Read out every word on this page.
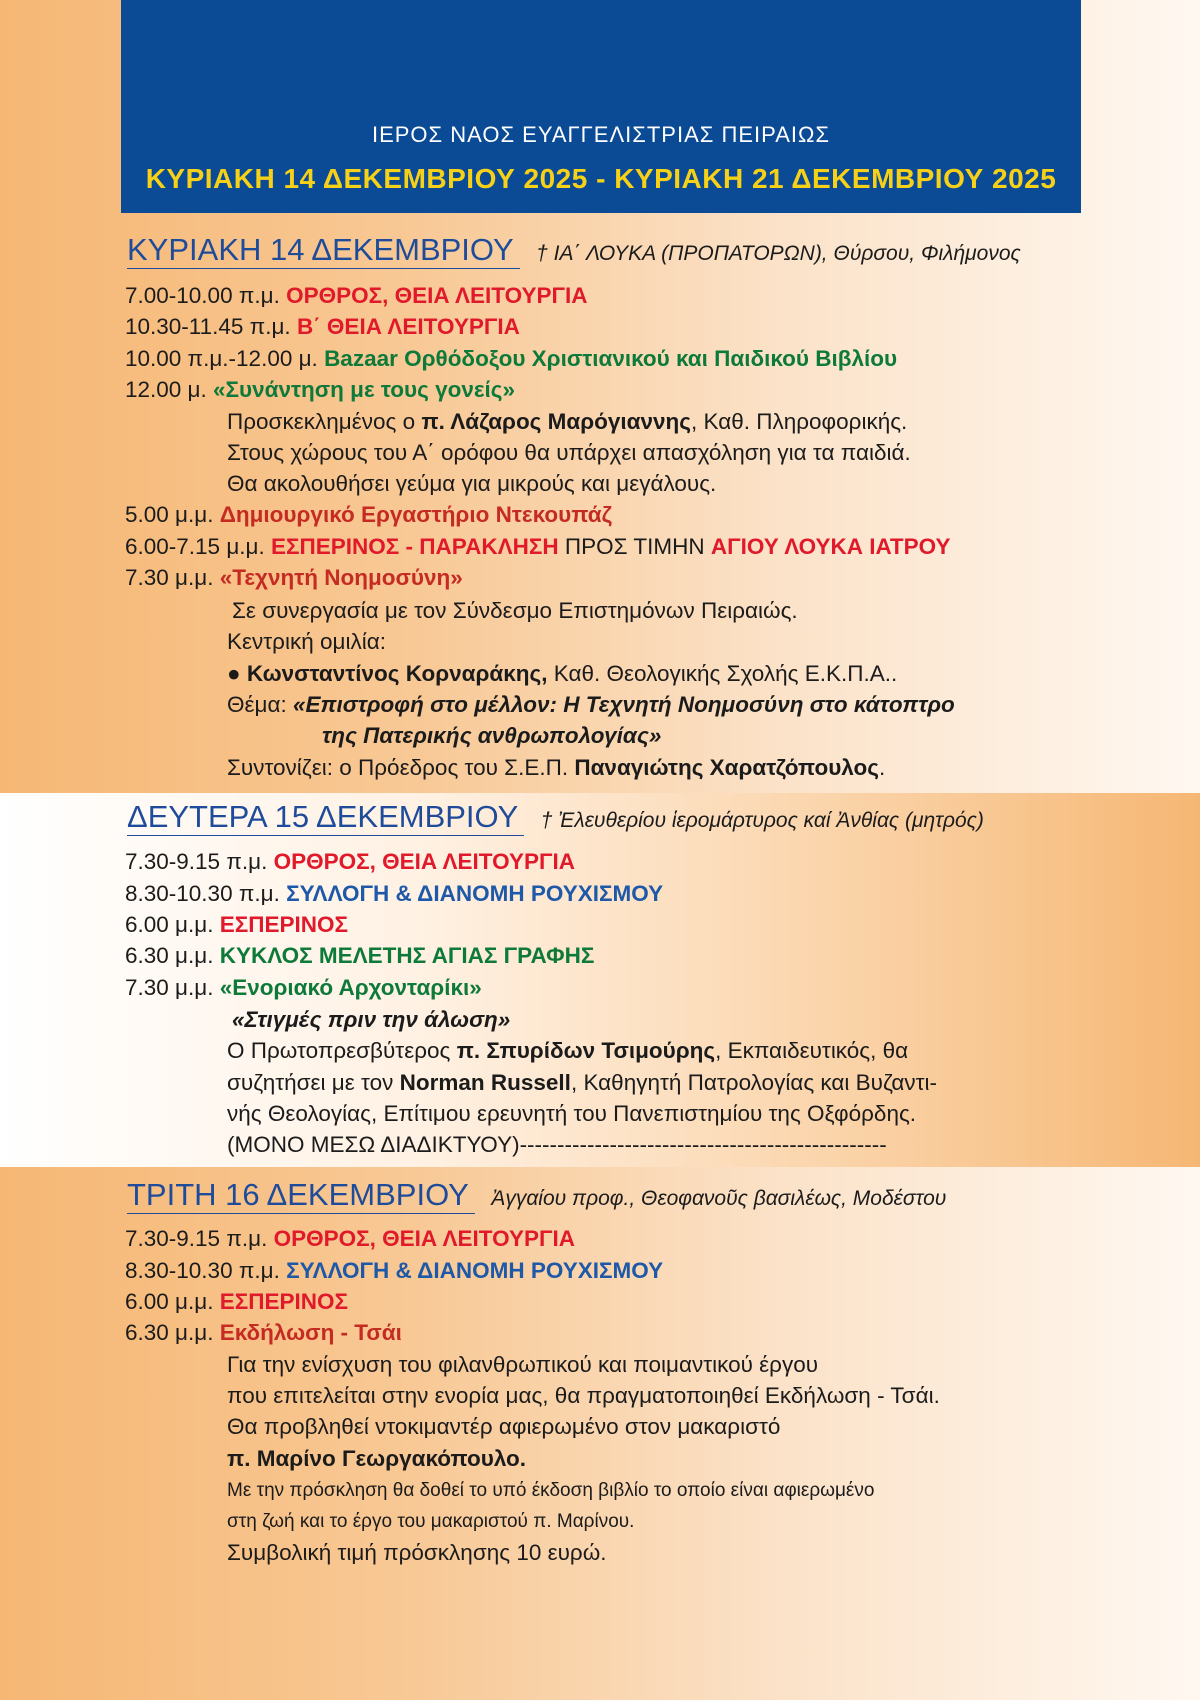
ΙΕΡΟΣ ΝΑΟΣ ΕΥΑΓΓΕΛΙΣΤΡΙΑΣ ΠΕΙΡΑΙΩΣ
ΚΥΡΙΑΚΗ 14 ΔΕΚΕΜΒΡΙΟΥ 2025 - ΚΥΡΙΑΚΗ 21 ΔΕΚΕΜΒΡΙΟΥ 2025
ΚΥΡΙΑΚΗ 14 ΔΕΚΕΜΒΡΙΟΥ † ΙΑ΄ ΛΟΥΚΑ (ΠΡΟΠΑΤΟΡΩΝ), Θύρσου, Φιλήμονος
7.00-10.00 π.μ. ΟΡΘΡΟΣ, ΘΕΙΑ ΛΕΙΤΟΥΡΓΙΑ
10.30-11.45 π.μ. Β΄ ΘΕΙΑ ΛΕΙΤΟΥΡΓΙΑ
10.00 π.μ.-12.00 μ. Bazaar Ορθόδοξου Χριστιανικού και Παιδικού Βιβλίου
12.00 μ. «Συνάντηση με τους γονείς»
Προσκεκλημένος ο π. Λάζαρος Μαρόγιαννης, Καθ. Πληροφορικής.
Στους χώρους του Α΄ ορόφου θα υπάρχει απασχόληση για τα παιδιά.
Θα ακολουθήσει γεύμα για μικρούς και μεγάλους.
5.00 μ.μ. Δημιουργικό Εργαστήριο Ντεκουπάζ
6.00-7.15 μ.μ. ΕΣΠΕΡΙΝΟΣ - ΠΑΡΑΚΛΗΣΗ ΠΡΟΣ ΤΙΜΗΝ ΑΓΙΟΥ ΛΟΥΚΑ ΙΑΤΡΟΥ
7.30 μ.μ. «Τεχνητή Νοημοσύνη»
Σε συνεργασία με τον Σύνδεσμο Επιστημόνων Πειραιώς.
Κεντρική ομιλία:
● Κωνσταντίνος Κορναράκης, Καθ. Θεολογικής Σχολής Ε.Κ.Π.Α..
Θέμα: «Επιστροφή στο μέλλον: Η Τεχνητή Νοημοσύνη στο κάτοπτρο
της Πατερικής ανθρωπολογίας»
Συντονίζει: ο Πρόεδρος του Σ.Ε.Π. Παναγιώτης Χαρατζόπουλος.
ΔΕΥΤΕΡΑ 15 ΔΕΚΕΜΒΡΙΟΥ † Ἐλευθερίου ἱερομάρτυρος καί Ἀνθίας (μητρός)
7.30-9.15 π.μ. ΟΡΘΡΟΣ, ΘΕΙΑ ΛΕΙΤΟΥΡΓΙΑ
8.30-10.30 π.μ. ΣΥΛΛΟΓΗ & ΔΙΑΝΟΜΗ ΡΟΥΧΙΣΜΟΥ
6.00 μ.μ. ΕΣΠΕΡΙΝΟΣ
6.30 μ.μ. ΚΥΚΛΟΣ ΜΕΛΕΤΗΣ ΑΓΙΑΣ ΓΡΑΦΗΣ
7.30 μ.μ. «Ενοριακό Αρχονταρίκι»
«Στιγμές πριν την άλωση»
Ο Πρωτοπρεσβύτερος π. Σπυρίδων Τσιμούρης, Εκπαιδευτικός, θα
συζητήσει με τον Norman Russell, Καθηγητή Πατρολογίας και Βυζαντι-
νής Θεολογίας, Επίτιμου ερευνητή του Πανεπιστημίου της Οξφόρδης.
(ΜΟΝΟ ΜΕΣΩ ΔΙΑΔΙΚΤΥΟΥ)-------------------------------------------------
ΤΡΙΤΗ 16 ΔΕΚΕΜΒΡΙΟΥ Ἀγγαίου προφ., Θεοφανοῦς βασιλέως, Μοδέστου
7.30-9.15 π.μ. ΟΡΘΡΟΣ, ΘΕΙΑ ΛΕΙΤΟΥΡΓΙΑ
8.30-10.30 π.μ. ΣΥΛΛΟΓΗ & ΔΙΑΝΟΜΗ ΡΟΥΧΙΣΜΟΥ
6.00 μ.μ. ΕΣΠΕΡΙΝΟΣ
6.30 μ.μ. Εκδήλωση - Τσάι
Για την ενίσχυση του φιλανθρωπικού και ποιμαντικού έργου
που επιτελείται στην ενορία μας, θα πραγματοποιηθεί Εκδήλωση - Τσάι.
Θα προβληθεί ντοκιμαντέρ αφιερωμένο στον μακαριστό
π. Μαρίνο Γεωργακόπουλο.
Με την πρόσκληση θα δοθεί το υπό έκδοση βιβλίο το οποίο είναι αφιερωμένο
στη ζωή και το έργο του μακαριστού π. Μαρίνου.
Συμβολική τιμή πρόσκλησης 10 ευρώ.
